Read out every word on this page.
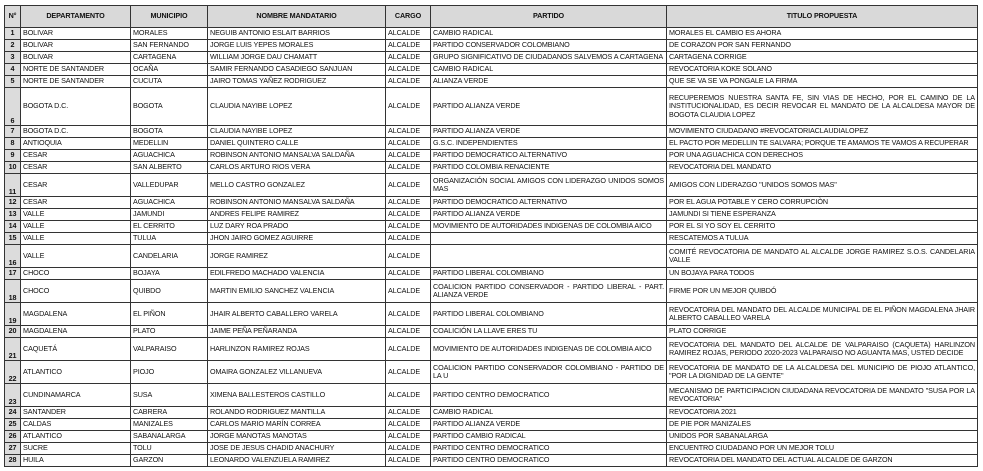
N°	DEPARTAMENTO	MUNICIPIO	NOMBRE MANDATARIO	CARGO	PARTIDO	TITULO PROPUESTA
1	BOLIVAR	MORALES	NEGUIB ANTONIO ESLAIT BARRIOS	ALCALDE	CAMBIO RADICAL	MORALES EL CAMBIO ES AHORA
2	BOLIVAR	SAN FERNANDO	JORGE LUIS YEPES MORALES	ALCALDE	PARTIDO CONSERVADOR COLOMBIANO	DE CORAZON POR SAN FERNANDO
3	BOLIVAR	CARTAGENA	WILLIAM JORGE DAU CHAMATT	ALCALDE	GRUPO SIGNIFICATIVO DE CIUDADANOS SALVEMOS A CARTAGENA	CARTAGENA CORRIGE
4	NORTE DE SANTANDER	OCAÑA	SAMIR FERNANDO CASADIEGO SANJUAN	ALCALDE	CAMBIO RADICAL	REVOCATORIA KOKE SOLANO
5	NORTE DE SANTANDER	CUCUTA	JAIRO TOMAS YAÑEZ RODRIGUEZ	ALCALDE	ALIANZA VERDE	QUE SE VA SE VA PONGALE LA FIRMA
6	BOGOTA D.C.	BOGOTA	CLAUDIA NAYIBE LOPEZ	ALCALDE	PARTIDO ALIANZA VERDE	RECUPEREMOS NUESTRA SANTA FE, SIN VIAS DE HECHO, POR EL CAMINO DE LA INSTITUCIONALIDAD, ES DECIR REVOCAR EL MANDATO DE LA ALCALDESA MAYOR DE BOGOTA CLAUDIA LOPEZ
7	BOGOTA D.C.	BOGOTA	CLAUDIA NAYIBE LOPEZ	ALCALDE	PARTIDO ALIANZA VERDE	MOVIMIENTO CIUDADANO #REVOCATORIACLAUDIALOPEZ
8	ANTIOQUIA	MEDELLIN	DANIEL QUINTERO CALLE	ALCALDE	G.S.C. INDEPENDIENTES	EL PACTO POR MEDELLIN TE SALVARA; PORQUE TE AMAMOS TE VAMOS A RECUPERAR
9	CESAR	AGUACHICA	ROBINSON ANTONIO MANSALVA SALDAÑA	ALCALDE	PARTIDO DEMOCRATICO ALTERNATIVO	POR UNA AGUACHICA CON DERECHOS
10	CESAR	SAN ALBERTO	CARLOS ARTURO RIOS VERA	ALCALDE	PARTIDO COLOMBIA RENACIENTE	REVOCATORIA DEL MANDATO
11	CESAR	VALLEDUPAR	MELLO CASTRO GONZALEZ	ALCALDE	ORGANIZACIÓN SOCIAL AMIGOS CON LIDERAZGO UNIDOS SOMOS MAS	AMIGOS CON LIDERAZGO "UNIDOS SOMOS MAS"
12	CESAR	AGUACHICA	ROBINSON ANTONIO MANSALVA SALDAÑA	ALCALDE	PARTIDO DEMOCRATICO ALTERNATIVO	POR EL AGUA POTABLE Y CERO CORRUPCIÒN
13	VALLE	JAMUNDI	ANDRES FELIPE RAMIREZ	ALCALDE	PARTIDO ALIANZA VERDE	JAMUNDI SI TIENE ESPERANZA
14	VALLE	EL CERRITO	LUZ DARY ROA PRADO	ALCALDE	MOVIMIENTO DE AUTORIDADES INDIGENAS DE COLOMBIA AICO	POR EL SI YO SOY EL CERRITO
15	VALLE	TULUA	JHON JAIRO GOMEZ AGUIRRE	ALCALDE		RESCATEMOS A TULUA
16	VALLE	CANDELARIA	JORGE RAMIREZ	ALCALDE		COMITÉ REVOCATORIA DE MANDATO AL ALCALDE JORGE RAMIREZ S.O.S. CANDELARIA VALLE
17	CHOCO	BOJAYA	EDILFREDO MACHADO VALENCIA	ALCALDE	PARTIDO LIBERAL COLOMBIANO	UN BOJAYA PARA TODOS
18	CHOCO	QUIBDO	MARTIN EMILIO SANCHEZ VALENCIA	ALCALDE	COALICION PARTIDO CONSERVADOR - PARTIDO LIBERAL - PART. ALIANZA VERDE	FIRME POR UN MEJOR QUIBDÓ
19	MAGDALENA	EL PIÑON	JHAIR ALBERTO CABALLERO VARELA	ALCALDE	PARTIDO LIBERAL COLOMBIANO	REVOCATORIA DEL MANDATO DEL ALCALDE MUNICIPAL DE EL PIÑON MAGDALENA JHAIR ALBERTO CABALLEO VARELA
20	MAGDALENA	PLATO	JAIME PEÑA PEÑARANDA	ALCALDE	COALICIÓN LA LLAVE ERES TU	PLATO CORRIGE
21	CAQUETÁ	VALPARAISO	HARLINZON RAMIREZ ROJAS	ALCALDE	MOVIMIENTO DE AUTORIDADES INDIGENAS DE COLOMBIA AICO	REVOCATORIA DEL MANDATO DEL ALCALDE DE VALPARAISO (CAQUETA) HARLINZON RAMIREZ ROJAS, PERIODO 2020-2023 VALPARAISO NO AGUANTA MAS, USTED DECIDE
22	ATLANTICO	PIOJO	OMAIRA GONZALEZ VILLANUEVA	ALCALDE	COALICION PARTIDO CONSERVADOR COLOMBIANO - PARTIDO DE LA U	REVOCATORIA DE MANDATO DE LA ALCALDESA DEL MUNICIPIO DE PIOJO ATLANTICO, "POR LA DIGNIDAD DE LA GENTE"
23	CUNDINAMARCA	SUSA	XIMENA BALLESTEROS CASTILLO	ALCALDE	PARTIDO CENTRO DEMOCRATICO	MECANISMO DE PARTICIPACION CIUDADANA REVOCATORIA DE MANDATO "SUSA POR LA REVOCATORIA"
24	SANTANDER	CABRERA	ROLANDO RODRIGUEZ MANTILLA	ALCALDE	CAMBIO RADICAL	REVOCATORIA 2021
25	CALDAS	MANIZALES	CARLOS MARIO MARÍN CORREA	ALCALDE	PARTIDO ALIANZA VERDE	DE PIE POR MANIZALES
26	ATLANTICO	SABANALARGA	JORGE MANOTAS MANOTAS	ALCALDE	PARTIDO CAMBIO RADICAL	UNIDOS POR SABANALARGA
27	SUCRE	TOLU	JOSE DE JESUS CHADID ANACHURY	ALCALDE	PARTIDO CENTRO DEMOCRATICO	ENCUENTRO CIUDADANO POR UN MEJOR TOLU
28	HUILA	GARZON	LEONARDO VALENZUELA RAMIREZ	ALCALDE	PARTIDO CENTRO DEMOCRATICO	REVOCATORIA DEL MANDATO DEL ACTUAL ALCALDE DE GARZON
